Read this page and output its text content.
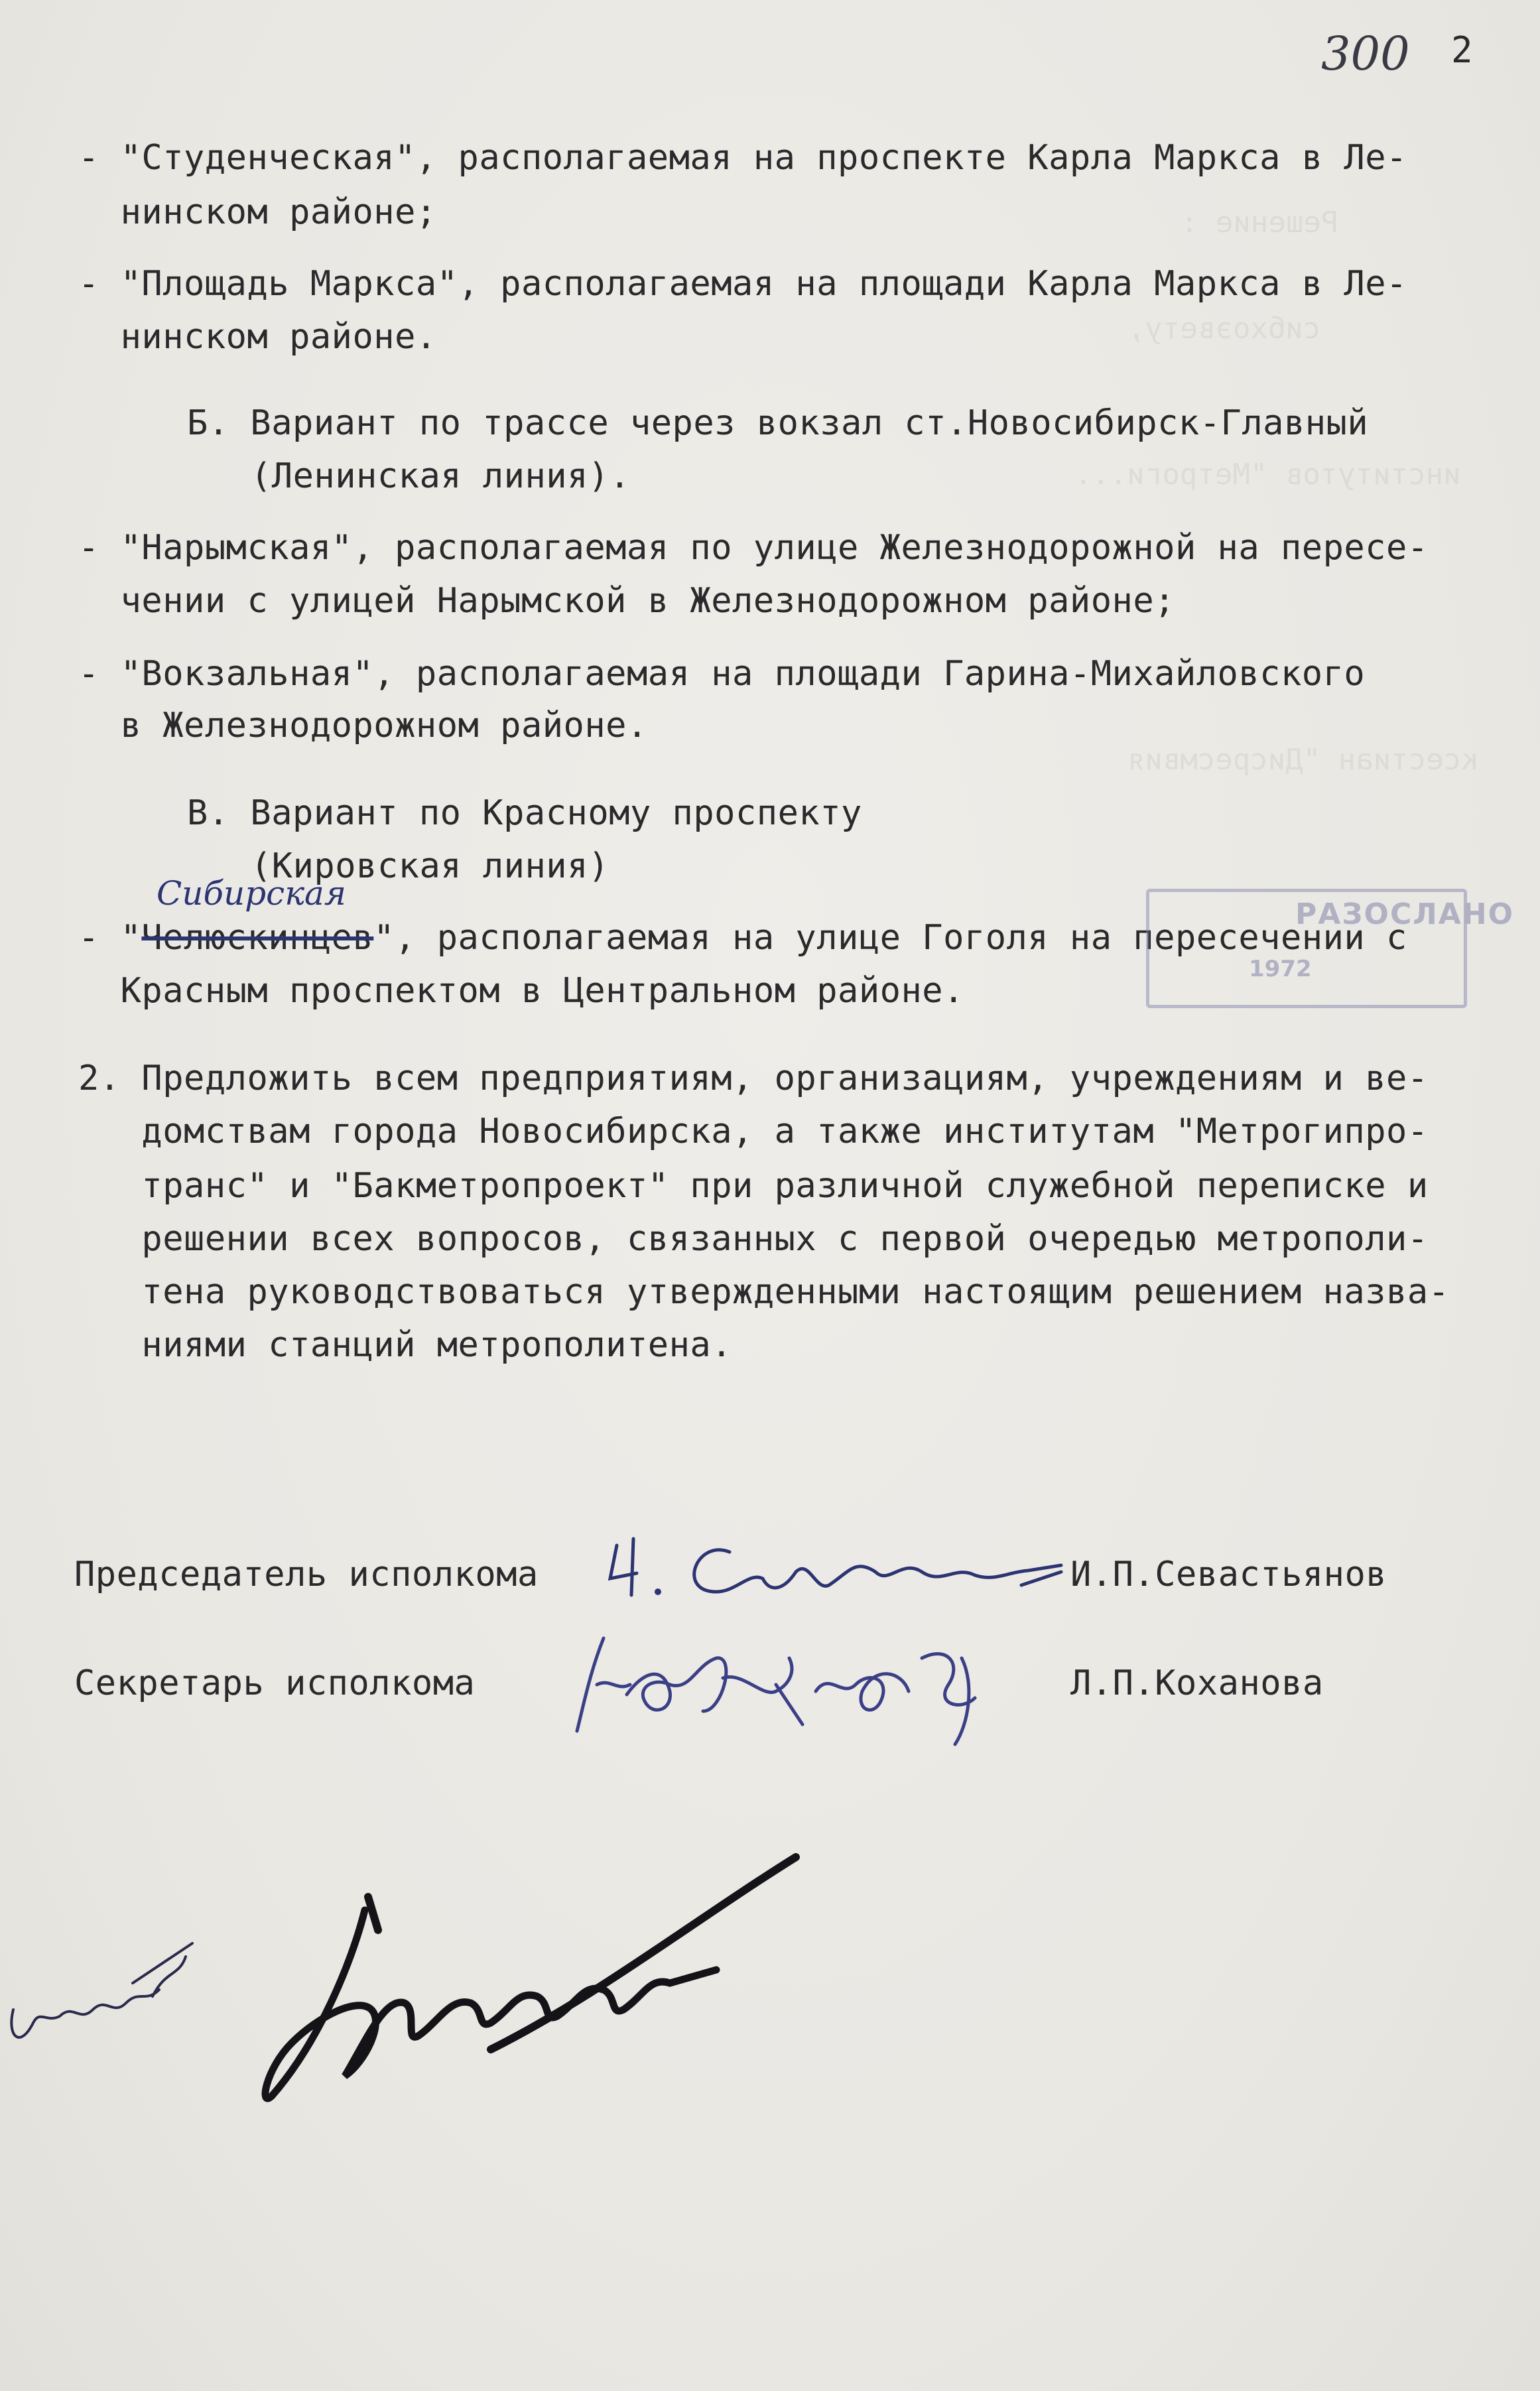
Решение :
сибхоэвету,
институтов "Метроги...
ксестиан "Дисресмвия
300 2
- "Студенческая", располагаемая на проспекте Карла Маркса в Ле-
нинском районе;
- "Площадь Маркса", располагаемая на площади Карла Маркса в Ле-
нинском районе.
Б. Вариант по трассе через вокзал ст.Новосибирск-Главный
(Ленинская линия).
- "Нарымская", располагаемая по улице Железнодорожной на пересе-
чении с улицей Нарымской в Железнодорожном районе;
- "Вокзальная", располагаемая на площади Гарина-Михайловского
в Железнодорожном районе.
В. Вариант по Красному проспекту
(Кировская линия)
Сибирская
- "Челюскинцев", располагаемая на улице Гоголя на пересечении с
Красным проспектом в Центральном районе.
РАЗОСЛАНО
1972
2. Предложить всем предприятиям, организациям, учреждениям и ве-
домствам города Новосибирска, а также институтам "Метрогипро-
транс" и "Бакметропроект" при различной служебной переписке и
решении всех вопросов, связанных с первой очередью метрополи-
тена руководствоваться утвержденными настоящим решением назва-
ниями станций метрополитена.
Председатель исполкома	И.П.Севастьянов
Секретарь исполкома	Л.П.Коханова
